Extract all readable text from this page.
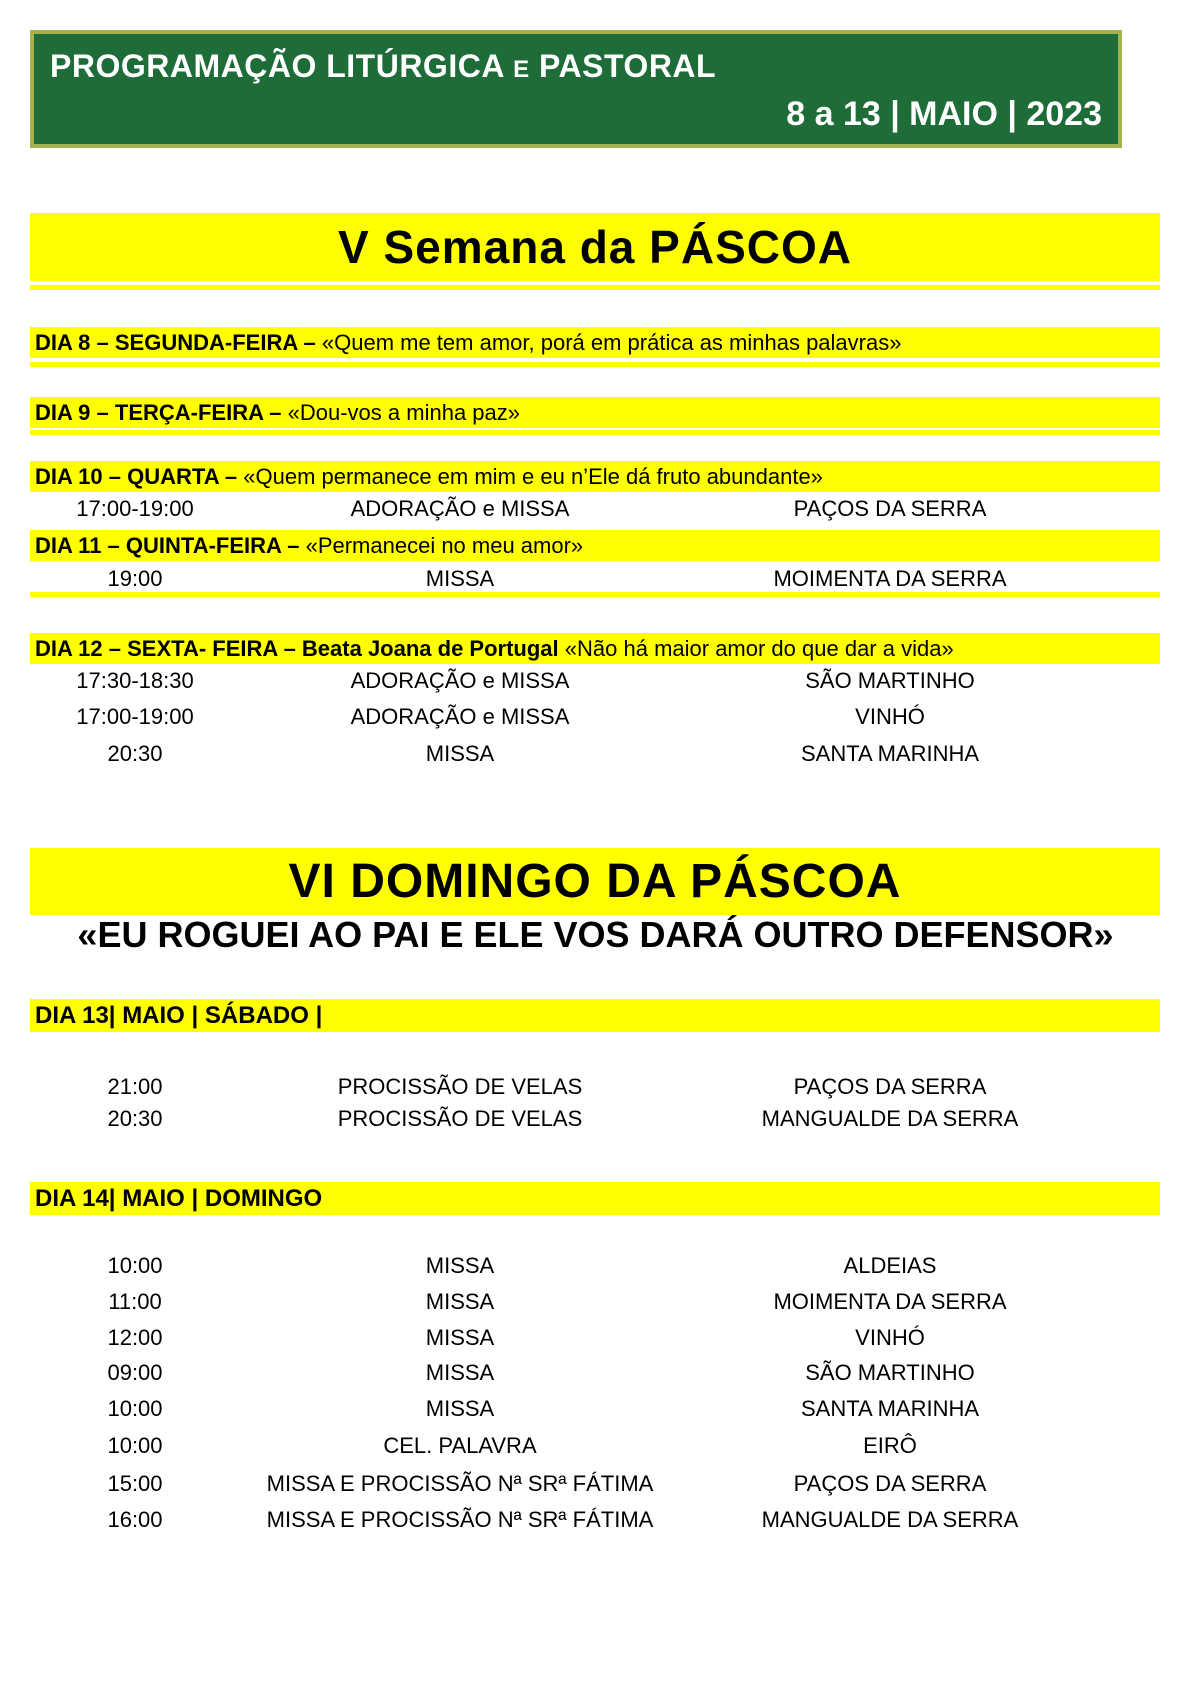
PROGRAMAÇÃO LITÚRGICA E PASTORAL
8 a 13 | MAIO | 2023
V Semana da PÁSCOA
DIA 8 – SEGUNDA-FEIRA – «Quem me tem amor, porá em prática as minhas palavras»
DIA 9 – TERÇA-FEIRA – «Dou-vos a minha paz»
DIA 10 – QUARTA – «Quem permanece em mim e eu n’Ele dá fruto abundante»
17:00-19:00	ADORAÇÃO e MISSA	PAÇOS DA SERRA
DIA 11 – QUINTA-FEIRA – «Permanecei no meu amor»
19:00	MISSA	MOIMENTA DA SERRA
DIA 12 – SEXTA- FEIRA – Beata Joana de Portugal «Não há maior amor do que dar a vida»
17:30-18:30	ADORAÇÃO e MISSA	SÃO MARTINHO
17:00-19:00	ADORAÇÃO e MISSA	VINHÓ
20:30	MISSA	SANTA MARINHA
VI DOMINGO DA PÁSCOA
«EU ROGUEI AO PAI E ELE VOS DARÁ OUTRO DEFENSOR»
DIA 13| MAIO | SÁBADO |
21:00	PROCISSÃO DE VELAS	PAÇOS DA SERRA
20:30	PROCISSÃO DE VELAS	MANGUALDE DA SERRA
DIA 14| MAIO | DOMINGO
10:00	MISSA	ALDEIAS
11:00	MISSA	MOIMENTA DA SERRA
12:00	MISSA	VINHÓ
09:00	MISSA	SÃO MARTINHO
10:00	MISSA	SANTA MARINHA
10:00	CEL. PALAVRA	EIRÔ
15:00	MISSA E PROCISSÃO Nª SRª FÁTIMA	PAÇOS DA SERRA
16:00	MISSA E PROCISSÃO Nª SRª FÁTIMA	MANGUALDE DA SERRA
